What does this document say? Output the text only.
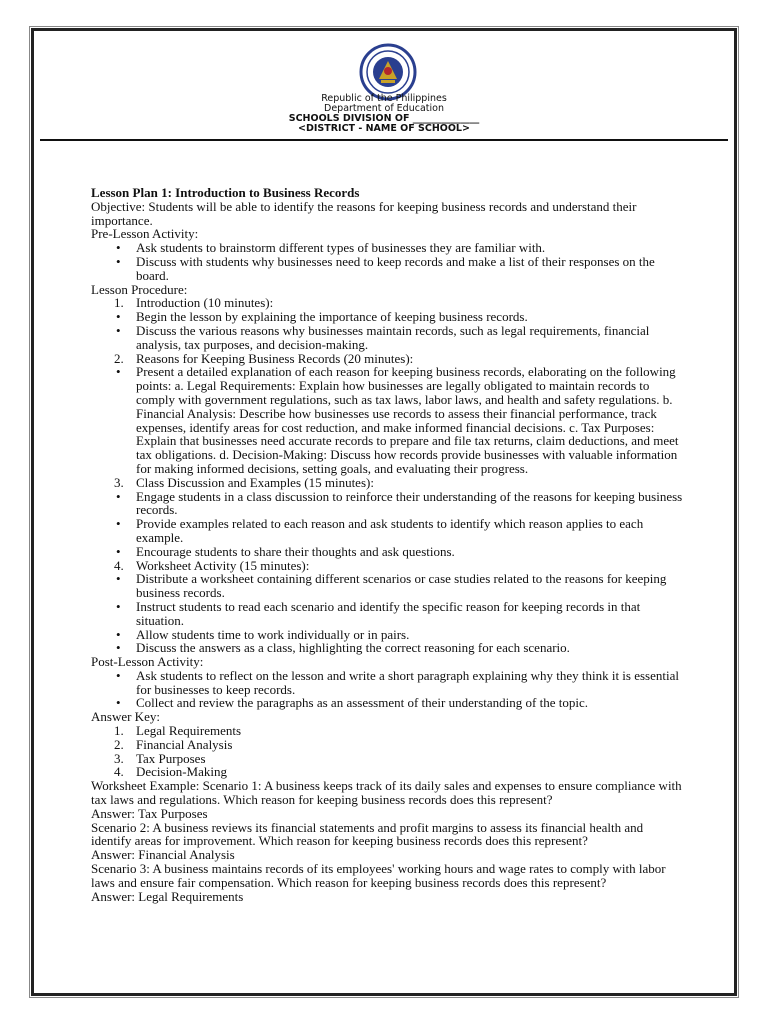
Republic of the Philippines
Department of Education
SCHOOLS DIVISION OF ______________
<DISTRICT - NAME OF SCHOOL>

Lesson Plan 1: Introduction to Business Records

Objective: Students will be able to identify the reasons for keeping business records and understand their importance.

Pre-Lesson Activity:

• Ask students to brainstorm different types of businesses they are familiar with.
• Discuss with students why businesses need to keep records and make a list of their responses on the board.

Lesson Procedure:

1. Introduction (10 minutes):
• Begin the lesson by explaining the importance of keeping business records.
• Discuss the various reasons why businesses maintain records, such as legal requirements, financial analysis, tax purposes, and decision-making.
2. Reasons for Keeping Business Records (20 minutes):
• Present a detailed explanation of each reason for keeping business records, elaborating on the following points: a. Legal Requirements: Explain how businesses are legally obligated to maintain records to comply with government regulations, such as tax laws, labor laws, and health and safety regulations. b. Financial Analysis: Describe how businesses use records to assess their financial performance, track expenses, identify areas for cost reduction, and make informed financial decisions. c. Tax Purposes: Explain that businesses need accurate records to prepare and file tax returns, claim deductions, and meet tax obligations. d. Decision-Making: Discuss how records provide businesses with valuable information for making informed decisions, setting goals, and evaluating their progress.
3. Class Discussion and Examples (15 minutes):
• Engage students in a class discussion to reinforce their understanding of the reasons for keeping business records.
• Provide examples related to each reason and ask students to identify which reason applies to each example.
• Encourage students to share their thoughts and ask questions.
4. Worksheet Activity (15 minutes):
• Distribute a worksheet containing different scenarios or case studies related to the reasons for keeping business records.
• Instruct students to read each scenario and identify the specific reason for keeping records in that situation.
• Allow students time to work individually or in pairs.
• Discuss the answers as a class, highlighting the correct reasoning for each scenario.

Post-Lesson Activity:

• Ask students to reflect on the lesson and write a short paragraph explaining why they think it is essential for businesses to keep records.
• Collect and review the paragraphs as an assessment of their understanding of the topic.

Answer Key:

1. Legal Requirements
2. Financial Analysis
3. Tax Purposes
4. Decision-Making

Worksheet Example: Scenario 1: A business keeps track of its daily sales and expenses to ensure compliance with tax laws and regulations. Which reason for keeping business records does this represent?

Answer: Tax Purposes

Scenario 2: A business reviews its financial statements and profit margins to assess its financial health and identify areas for improvement. Which reason for keeping business records does this represent?

Answer: Financial Analysis

Scenario 3: A business maintains records of its employees' working hours and wage rates to comply with labor laws and ensure fair compensation. Which reason for keeping business records does this represent?

Answer: Legal Requirements
